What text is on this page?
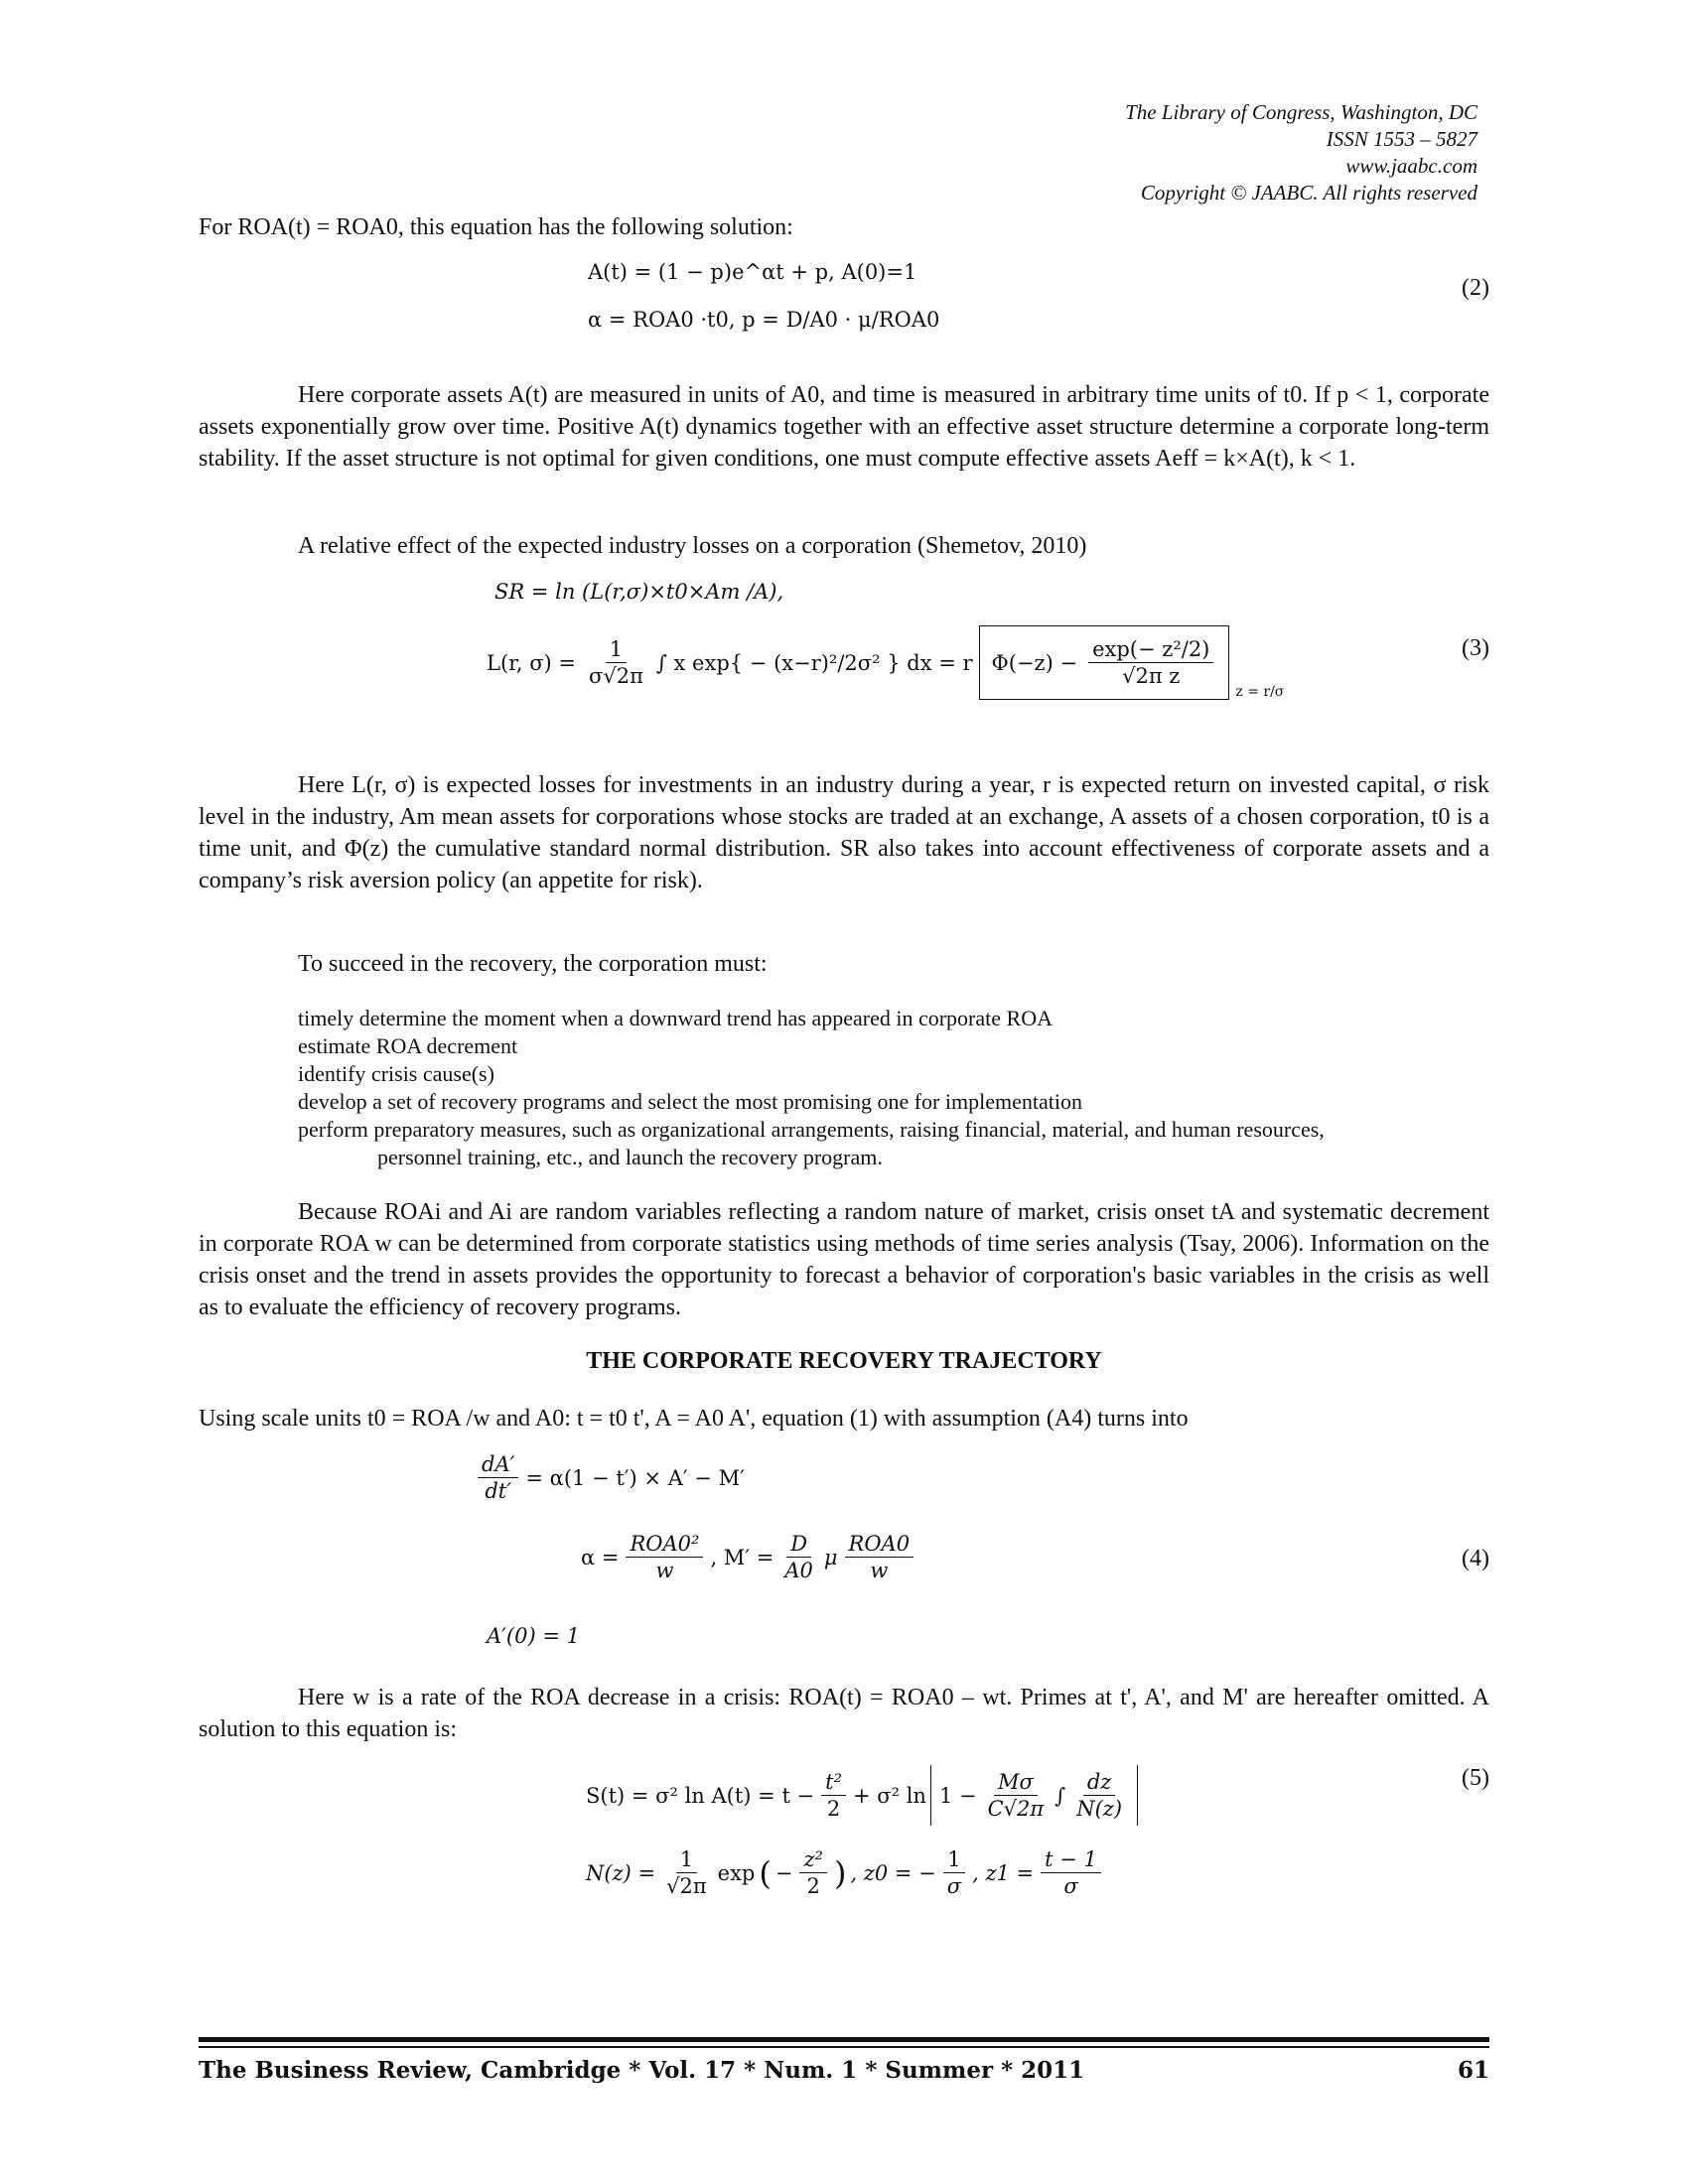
The Library of Congress, Washington, DC
ISSN 1553 – 5827
www.jaabc.com
Copyright © JAABC. All rights reserved
For ROA(t) = ROA0, this equation has the following solution:
A(t) = (1 − p)e^αt + p, A(0)=1
α = ROA0 ·t0, p = D/A0 · μ/ROA0
(2)
Here corporate assets A(t) are measured in units of A0, and time is measured in arbitrary time units of t0. If p < 1, corporate assets exponentially grow over time. Positive A(t) dynamics together with an effective asset structure determine a corporate long-term stability. If the asset structure is not optimal for given conditions, one must compute effective assets Aeff = k×A(t), k < 1.
A relative effect of the expected industry losses on a corporation (Shemetov, 2010)
SR = ln (L(r,σ)×t0×Am /A),
L(r, $\sigma) = \frac{1}{\sigma√2\pi}$ ∫ x exp{ − (x−r)²/2σ² } dx = r $\Phi(-z) - \frac{\text{exp(− z²/2)}}{\text{√2π z}}$
z = r/σ
(3)
Here L(r, σ) is expected losses for investments in an industry during a year, r is expected return on invested capital, σ risk level in the industry, Am mean assets for corporations whose stocks are traded at an exchange, A assets of a chosen corporation, t0 is a time unit, and Φ(z) the cumulative standard normal distribution. SR also takes into account effectiveness of corporate assets and a company’s risk aversion policy (an appetite for risk).
To succeed in the recovery, the corporation must:
timely determine the moment when a downward trend has appeared in corporate ROA
estimate ROA decrement
identify crisis cause(s)
develop a set of recovery programs and select the most promising one for implementation
perform preparatory measures, such as organizational arrangements, raising financial, material, and human resources,
personnel training, etc., and launch the recovery program.
Because ROAi and Ai are random variables reflecting a random nature of market, crisis onset tA and systematic decrement in corporate ROA w can be determined from corporate statistics using methods of time series analysis (Tsay, 2006). Information on the crisis onset and the trend in assets provides the opportunity to forecast a behavior of corporation's basic variables in the crisis as well as to evaluate the efficiency of recovery programs.
THE CORPORATE RECOVERY TRAJECTORY
Using scale units t0 = ROA /w and A0: t = t0 t', A = A0 A', equation (1) with assumption (A4) turns into
$\frac{dA'}{dt'} = \alpha(1 - t') \times A' - M'$
$\alpha = \frac{\text{ROA0²}}{w}$ , $M' = \frac{D}{A0}$ μ $\frac{\text{ROA0}}{w}$	(4)
A′(0) = 1
Here w is a rate of the ROA decrease in a crisis: ROA(t) = ROA0 – wt. Primes at t', A', and M' are hereafter omitted. A solution to this equation is:
S(t) = σ² $\ln A(t) = t - \frac{\text{t²}}{2} + \sigma^2$ $\ln 1 - \frac{M\sigma}{C√2\pi}$ ∫ $\frac{dz}{N(z)}$	(5)
$N(z) = \frac{1}{√2\pi}$ exp ( − $\frac{\text{z²}}{2}$ ) , z0 = − $\frac{1}{\sigma}$ , $z1 = \frac{t - 1}{\sigma}$
The Business Review, Cambridge * Vol. 17 * Num. 1 * Summer * 2011	61
